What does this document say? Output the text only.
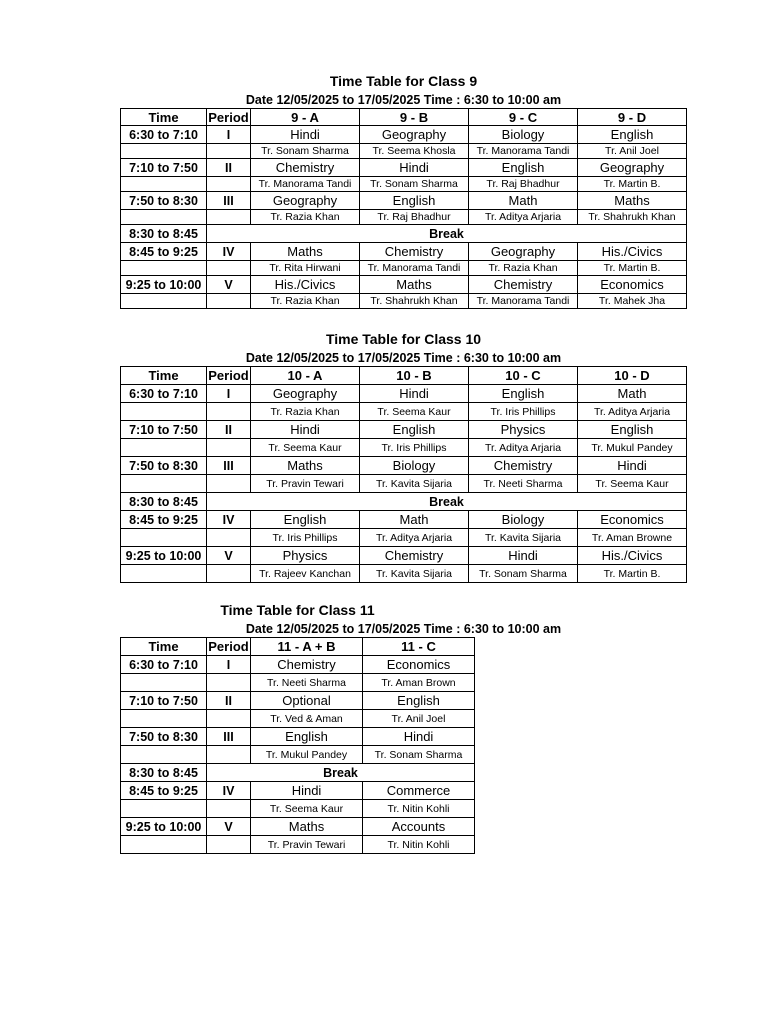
Time Table for Class 9
Date 12/05/2025 to 17/05/2025 Time : 6:30 to 10:00 am
Time	Period	9 - A	9 - B	9 - C	9 - D
6:30 to 7:10	I	Hindi	Geography	Biology	English
		Tr. Sonam Sharma	Tr. Seema Khosla	Tr. Manorama Tandi	Tr. Anil Joel
7:10 to 7:50	II	Chemistry	Hindi	English	Geography
		Tr. Manorama Tandi	Tr. Sonam Sharma	Tr. Raj Bhadhur	Tr. Martin B.
7:50 to 8:30	III	Geography	English	Math	Maths
		Tr. Razia Khan	Tr. Raj Bhadhur	Tr. Aditya Arjaria	Tr. Shahrukh Khan
8:30 to 8:45	Break				
8:45 to 9:25	IV	Maths	Chemistry	Geography	His./Civics
		Tr. Rita Hirwani	Tr. Manorama Tandi	Tr. Razia Khan	Tr. Martin B.
9:25 to 10:00	V	His./Civics	Maths	Chemistry	Economics
		Tr. Razia Khan	Tr. Shahrukh Khan	Tr. Manorama Tandi	Tr. Mahek Jha
Time Table for Class 10
Date 12/05/2025 to 17/05/2025 Time : 6:30 to 10:00 am
Time	Period	10 - A	10 - B	10 - C	10 - D
6:30 to 7:10	I	Geography	Hindi	English	Math
		Tr. Razia Khan	Tr. Seema Kaur	Tr. Iris Phillips	Tr. Aditya Arjaria
7:10 to 7:50	II	Hindi	English	Physics	English
		Tr. Seema Kaur	Tr. Iris Phillips	Tr. Aditya Arjaria	Tr. Mukul Pandey
7:50 to 8:30	III	Maths	Biology	Chemistry	Hindi
		Tr. Pravin Tewari	Tr. Kavita Sijaria	Tr. Neeti Sharma	Tr. Seema Kaur
8:30 to 8:45	Break				
8:45 to 9:25	IV	English	Math	Biology	Economics
		Tr. Iris Phillips	Tr. Aditya Arjaria	Tr. Kavita Sijaria	Tr. Aman Browne
9:25 to 10:00	V	Physics	Chemistry	Hindi	His./Civics
		Tr. Rajeev Kanchan	Tr. Kavita Sijaria	Tr. Sonam Sharma	Tr. Martin B.
Time Table for Class 11
Date 12/05/2025 to 17/05/2025 Time : 6:30 to 10:00 am
Time	Period	11 - A + B	11 - C
6:30 to 7:10	I	Chemistry	Economics
		Tr. Neeti Sharma	Tr. Aman Brown
7:10 to 7:50	II	Optional	English
		Tr. Ved & Aman	Tr. Anil Joel
7:50 to 8:30	III	English	Hindi
		Tr. Mukul Pandey	Tr. Sonam Sharma
8:30 to 8:45	Break		
8:45 to 9:25	IV	Hindi	Commerce
		Tr. Seema Kaur	Tr. Nitin Kohli
9:25 to 10:00	V	Maths	Accounts
		Tr. Pravin Tewari	Tr. Nitin Kohli
